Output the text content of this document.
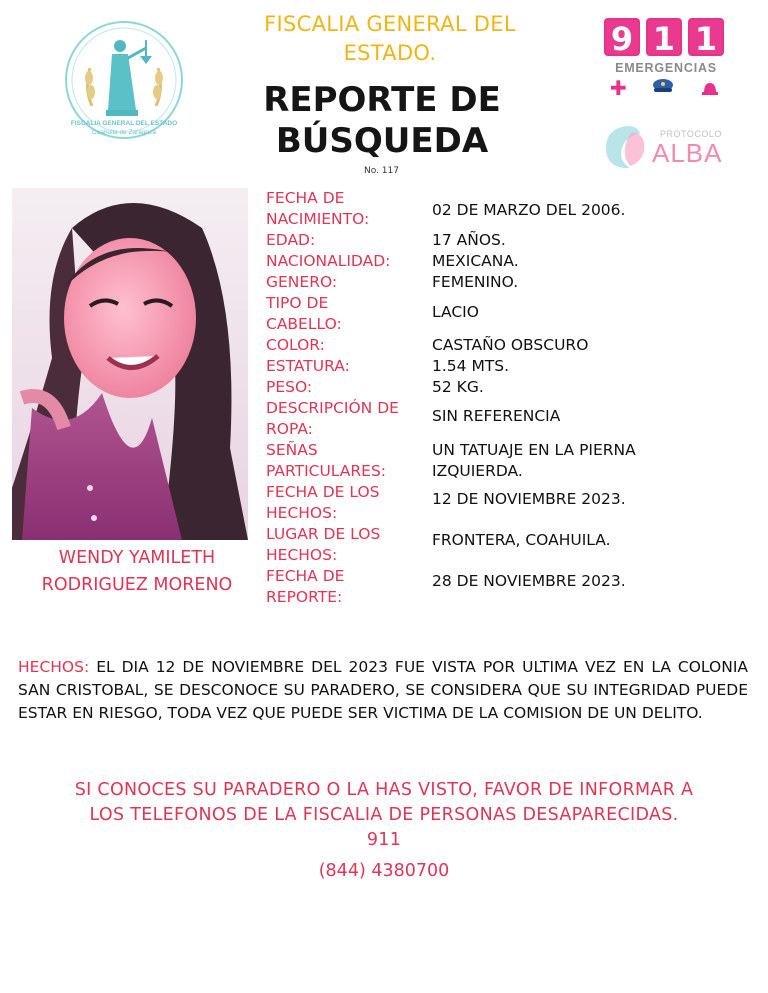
FISCALIA GENERAL DEL ESTADO
Coahuila de Zaragoza
FISCALIA GENERAL DEL ESTADO.
REPORTE DE
BÚSQUEDA
No. 117
9 1 1
EMERGENCIAS
✚
PROTOCOLO
ALBA
WENDY YAMILETH
RODRIGUEZ MORENO
FECHA DE NACIMIENTO:
EDAD:
NACIONALIDAD:
GENERO:
TIPO DE CABELLO:
COLOR:
ESTATURA:
PESO:
DESCRIPCIÓN DE ROPA:
SEÑAS PARTICULARES:
FECHA DE LOS HECHOS:
LUGAR DE LOS HECHOS:
FECHA DE REPORTE:
02 DE MARZO DEL 2006.
17 AÑOS.
MEXICANA.
FEMENINO.
LACIO
CASTAÑO OBSCURO
1.54 MTS.
52 KG.
SIN REFERENCIA
UN TATUAJE EN LA PIERNA IZQUIERDA.
12 DE NOVIEMBRE 2023.
FRONTERA, COAHUILA.
28 DE NOVIEMBRE 2023.
HECHOS: EL DIA 12 DE NOVIEMBRE DEL 2023 FUE VISTA POR ULTIMA VEZ EN LA COLONIA SAN CRISTOBAL, SE DESCONOCE SU PARADERO, SE CONSIDERA QUE SU INTEGRIDAD PUEDE ESTAR EN RIESGO, TODA VEZ QUE PUEDE SER VICTIMA DE LA COMISION DE UN DELITO.
SI CONOCES SU PARADERO O LA HAS VISTO, FAVOR DE INFORMAR A
LOS TELEFONOS DE LA FISCALIA DE PERSONAS DESAPARECIDAS.
911
(844) 4380700
